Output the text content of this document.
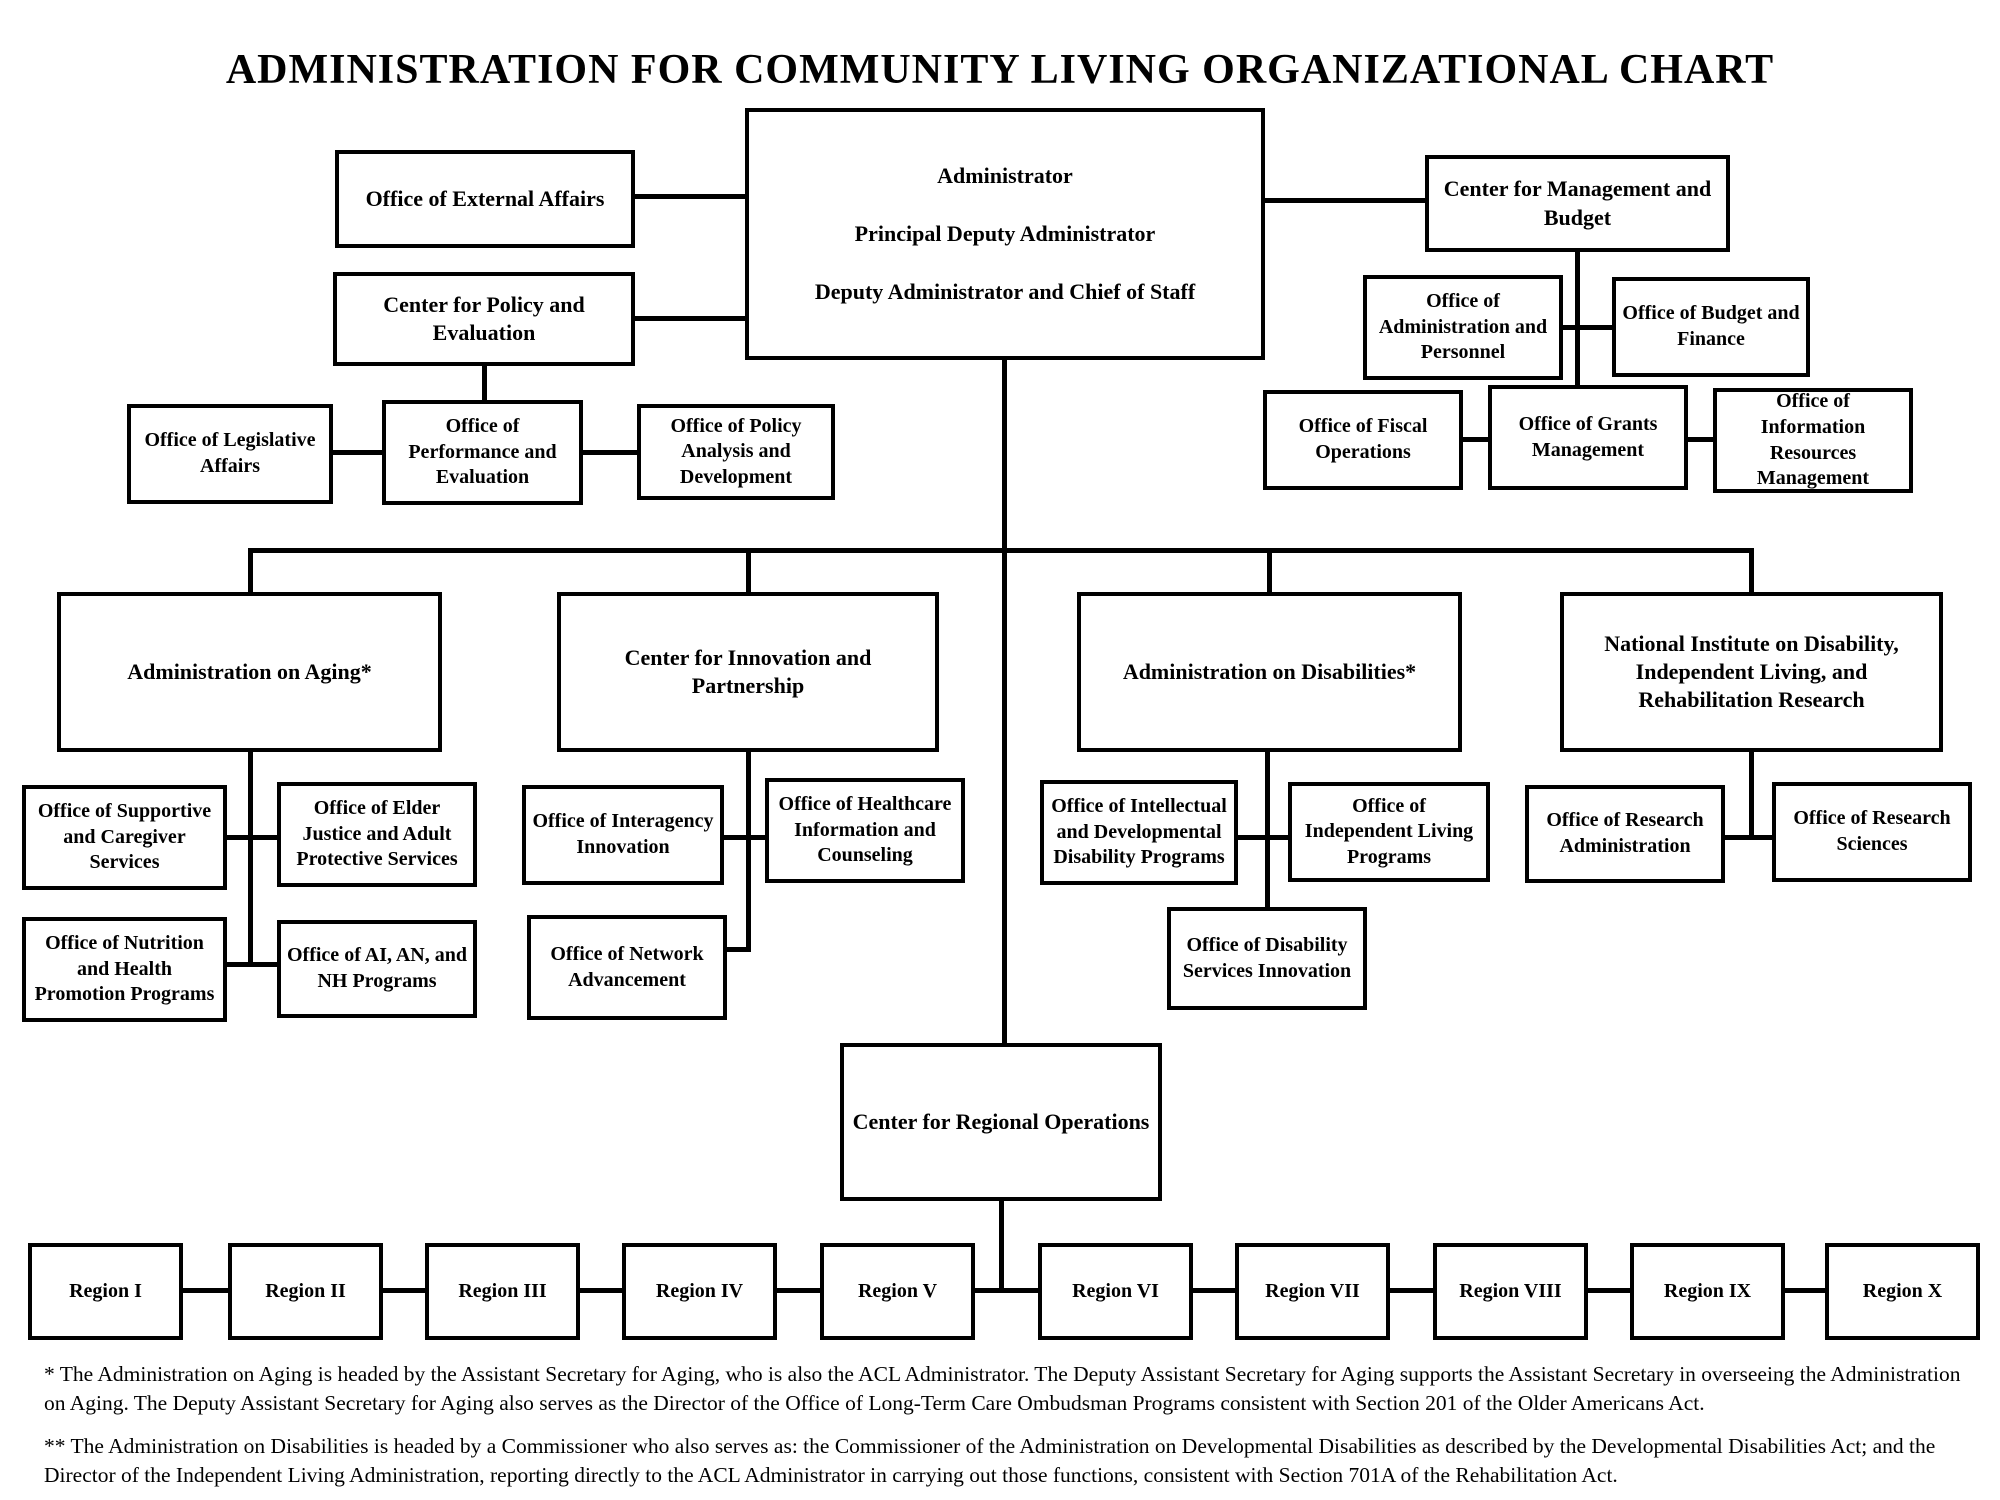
ADMINISTRATION FOR COMMUNITY LIVING ORGANIZATIONAL CHART
Office of External Affairs
Administrator
Principal Deputy Administrator
Deputy Administrator and Chief of Staff
Center for Management and Budget
Center for Policy and Evaluation
Office of Administration and Personnel
Office of Budget and Finance
Office of Legislative Affairs
Office of Performance and Evaluation
Office of Policy Analysis and Development
Office of Fiscal Operations
Office of Grants Management
Office of Information Resources Management
Administration on Aging*
Center for Innovation and Partnership
Administration on Disabilities*
National Institute on Disability, Independent Living, and Rehabilitation Research
Office of Supportive and Caregiver Services
Office of Elder Justice and Adult Protective Services
Office of Nutrition and Health Promotion Programs
Office of AI, AN, and NH Programs
Office of Interagency Innovation
Office of Healthcare Information and Counseling
Office of Network Advancement
Office of Intellectual and Developmental Disability Programs
Office of Independent Living Programs
Office of Disability Services Innovation
Office of Research Administration
Office of Research Sciences
Center for Regional Operations
Region I	Region II	Region III	Region IV	Region V	Region VI	Region VII	Region VIII	Region IX	Region X

* The Administration on Aging is headed by the Assistant Secretary for Aging, who is also the ACL Administrator. The Deputy Assistant Secretary for Aging supports the Assistant Secretary in overseeing the Administration on Aging. The Deputy Assistant Secretary for Aging also serves as the Director of the Office of Long-Term Care Ombudsman Programs consistent with Section 201 of the Older Americans Act.

** The Administration on Disabilities is headed by a Commissioner who also serves as: the Commissioner of the Administration on Developmental Disabilities as described by the Developmental Disabilities Act; and the Director of the Independent Living Administration, reporting directly to the ACL Administrator in carrying out those functions, consistent with Section 701A of the Rehabilitation Act.
